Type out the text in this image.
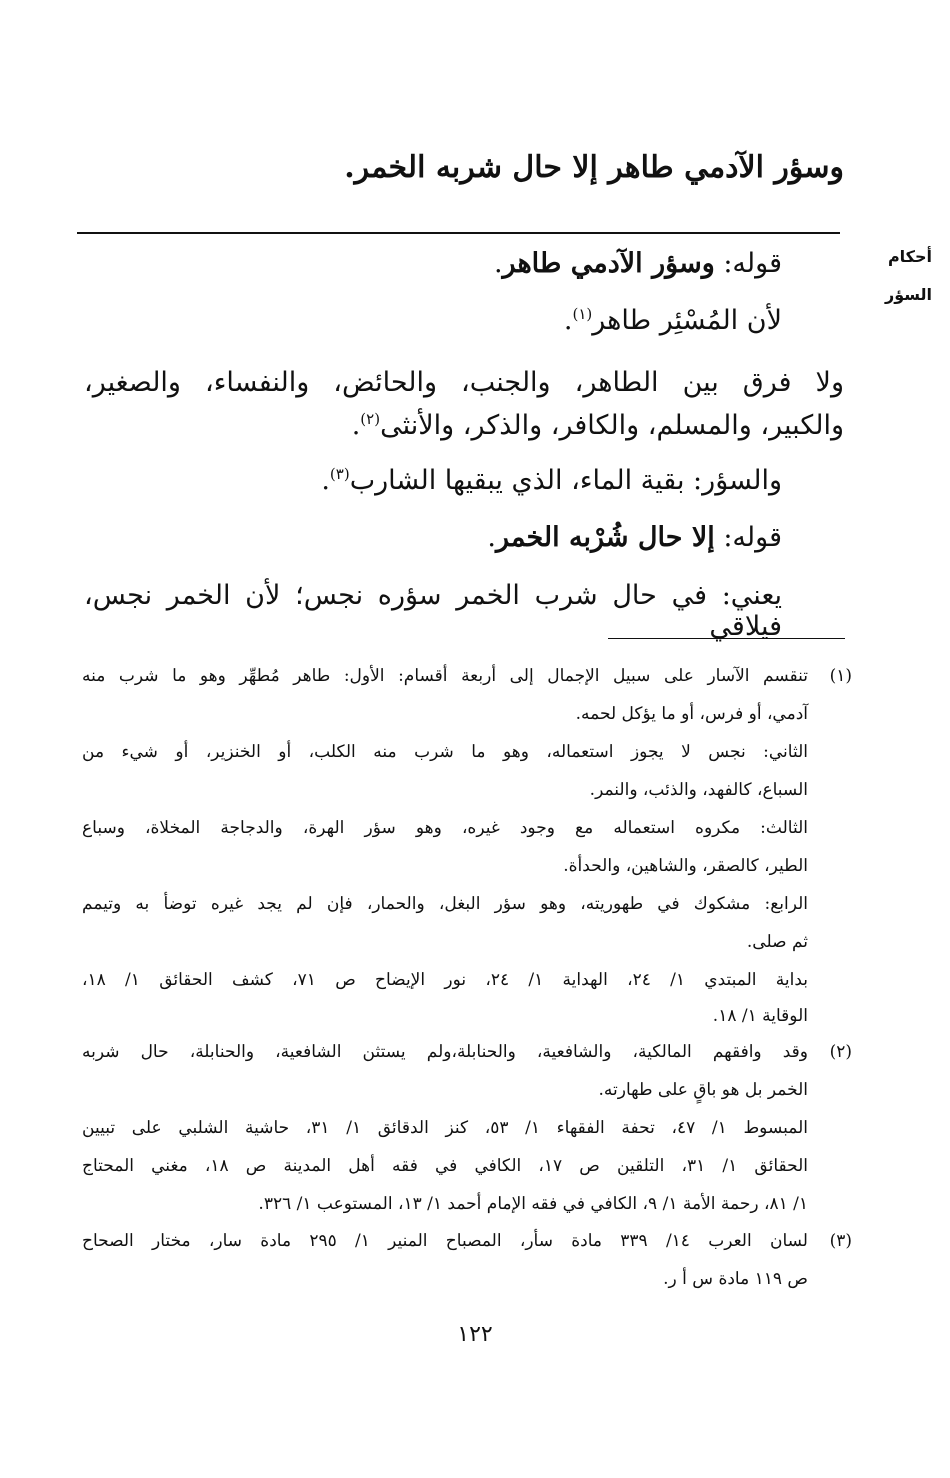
وسؤر الآدمي طاهر إلا حال شربه الخمر.
أحكام
السؤر
قوله: وسؤر الآدمي طاهر.
لأن المُسْئِر طاهر$^{(١)}$.
ولا فرق بين الطاهر، والجنب، والحائض، والنفساء، والصغير،
والكبير، والمسلم، والكافر، والذكر، والأنثى$^{(٢)}$.
والسؤر: بقية الماء، الذي يبقيها الشارب$^{(٣)}$.
قوله: إلا حال شُرْبه الخمر.
يعني: في حال شرب الخمر سؤره نجس؛ لأن الخمر نجس، فيلاقي
(١)
(٢)
(٣)
تنقسم الآسار على سبيل الإجمال إلى أربعة أقسام: الأول: طاهر مُطهِّر وهو ما شرب منه
آدمي، أو فرس، أو ما يؤكل لحمه.
الثاني: نجس لا يجوز استعماله، وهو ما شرب منه الكلب، أو الخنزير، أو شيء من
السباع، كالفهد، والذئب، والنمر.
الثالث: مكروه استعماله مع وجود غيره، وهو سؤر الهرة، والدجاجة المخلاة، وسباع
الطير، كالصقر، والشاهين، والحدأة.
الرابع: مشكوك في طهوريته، وهو سؤر البغل، والحمار، فإن لم يجد غيره توضأ به وتيمم
ثم صلى.
بداية المبتدي ١/ ٢٤، الهداية ١/ ٢٤، نور الإيضاح ص ٧١، كشف الحقائق ١/ ١٨،
الوقاية ١/ ١٨.
وقد وافقهم المالكية، والشافعية، والحنابلة،ولم يستثن الشافعية، والحنابلة، حال شربه
الخمر بل هو باقٍ على طهارته.
المبسوط ١/ ٤٧، تحفة الفقهاء ١/ ٥٣، كنز الدقائق ١/ ٣١، حاشية الشلبي على تبيين
الحقائق ١/ ٣١، التلقين ص ١٧، الكافي في فقه أهل المدينة ص ١٨، مغني المحتاج
١/ ٨١، رحمة الأمة ١/ ٩، الكافي في فقه الإمام أحمد ١/ ١٣، المستوعب ١/ ٣٢٦.
لسان العرب ١٤/ ٣٣٩ مادة سأر، المصباح المنير ١/ ٢٩٥ مادة سار، مختار الصحاح
ص ١١٩ مادة س أ ر.
١٢٢
